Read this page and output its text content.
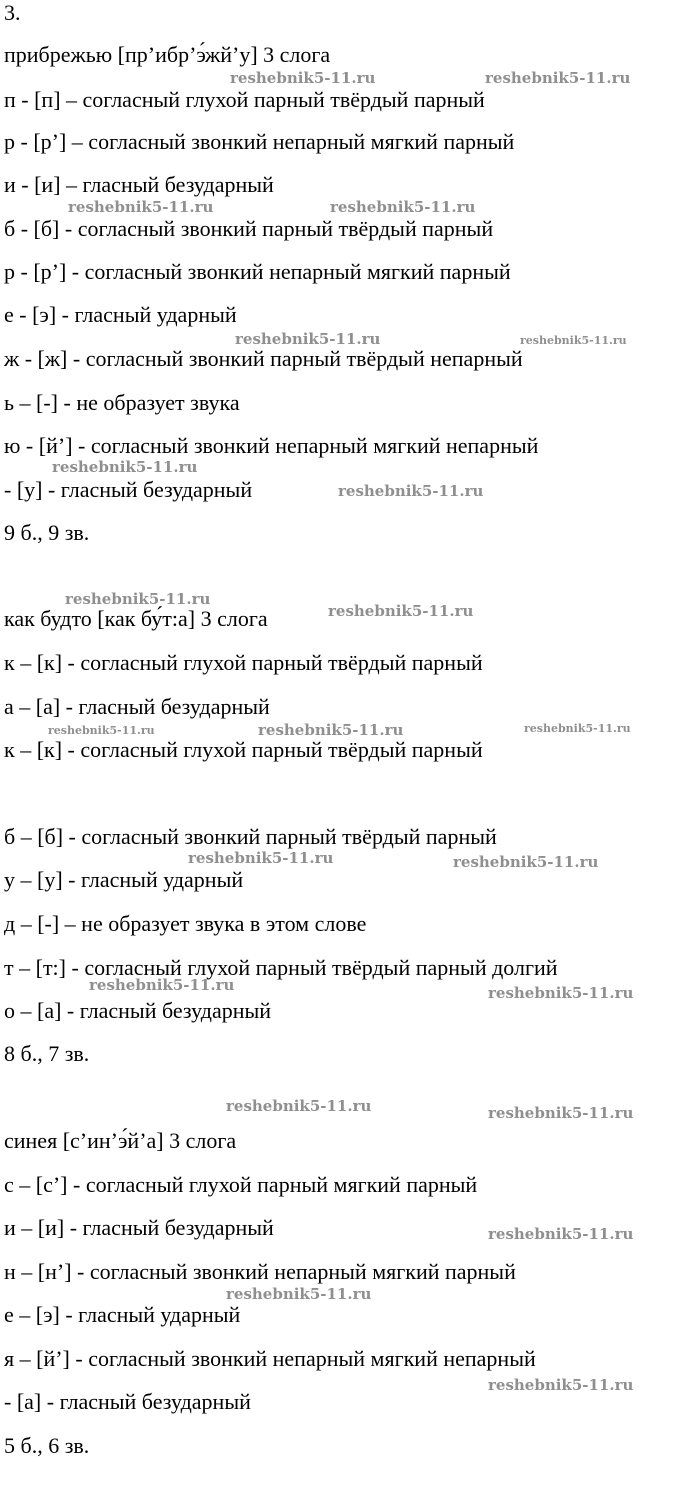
3.

прибрежью [пр’ибр’э́жй’у] 3 слога

п - [п] – согласный глухой парный твёрдый парный

р - [р’] – согласный звонкий непарный мягкий парный

и - [и] – гласный безударный

б - [б] - согласный звонкий парный твёрдый парный

р - [р’] - согласный звонкий непарный мягкий парный

е - [э] - гласный ударный

ж - [ж] - согласный звонкий парный твёрдый непарный

ь – [-] - не образует звука

ю - [й’] - согласный звонкий непарный мягкий непарный

- [у] - гласный безударный

9 б., 9 зв.

как будто [как бу́т:а] 3 слога

к – [к] - согласный глухой парный твёрдый парный

а – [а] - гласный безударный

к – [к] - согласный глухой парный твёрдый парный

б – [б] - согласный звонкий парный твёрдый парный

у – [у] - гласный ударный

д – [-] – не образует звука в этом слове

т – [т:] - согласный глухой парный твёрдый парный долгий

о – [а] - гласный безударный

8 б., 7 зв.

синея [с’ин’э́й’а] 3 слога

с – [с’] - согласный глухой парный мягкий парный

и – [и] - гласный безударный

н – [н’] - согласный звонкий непарный мягкий парный

е – [э] - гласный ударный

я – [й’] - согласный звонкий непарный мягкий непарный

- [а] - гласный безударный

5 б., 6 зв.

reshebnik5-11.ru	reshebnik5-11.ru

reshebnik5-11.ru	reshebnik5-11.ru

reshebnik5-11.ru	reshebnik5-11.ru

reshebnik5-11.ru

reshebnik5-11.ru

reshebnik5-11.ru

reshebnik5-11.ru

reshebnik5-11.ru	reshebnik5-11.ru	reshebnik5-11.ru

reshebnik5-11.ru	reshebnik5-11.ru

reshebnik5-11.ru	reshebnik5-11.ru

reshebnik5-11.ru	reshebnik5-11.ru

reshebnik5-11.ru

reshebnik5-11.ru

reshebnik5-11.ru
